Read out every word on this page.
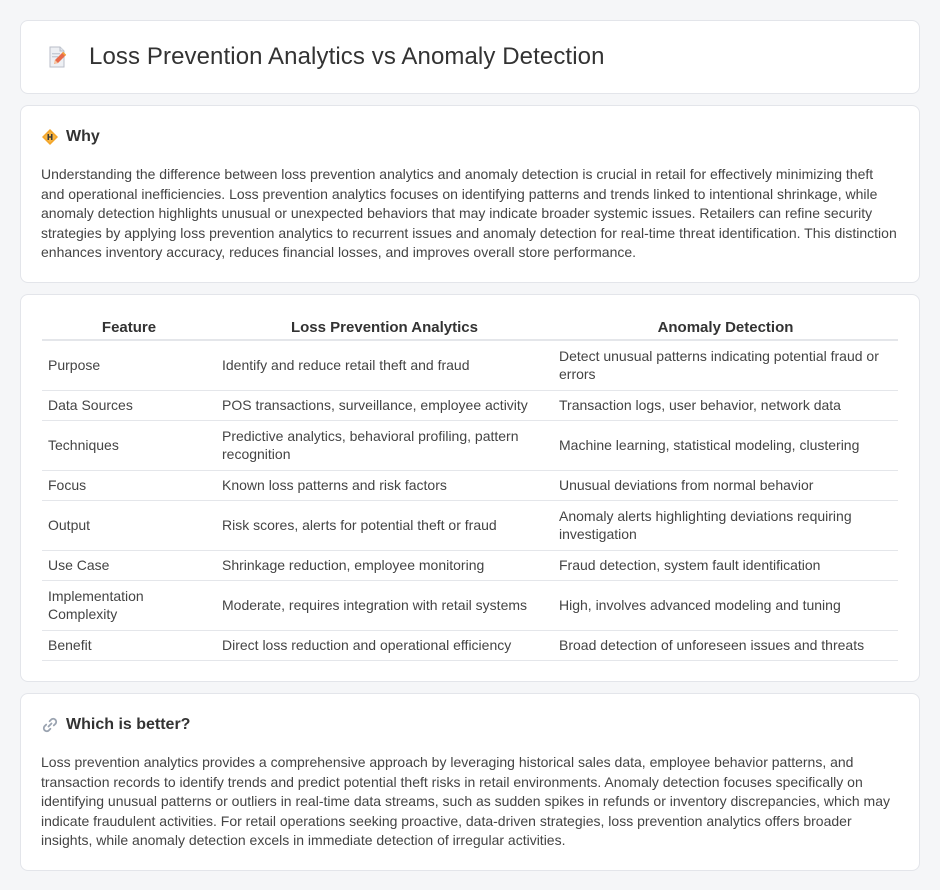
Loss Prevention Analytics vs Anomaly Detection
Why

Understanding the difference between loss prevention analytics and anomaly detection is crucial in retail for effectively minimizing theft and operational inefficiencies. Loss prevention analytics focuses on identifying patterns and trends linked to intentional shrinkage, while anomaly detection highlights unusual or unexpected behaviors that may indicate broader systemic issues. Retailers can refine security strategies by applying loss prevention analytics to recurrent issues and anomaly detection for real-time threat identification. This distinction enhances inventory accuracy, reduces financial losses, and improves overall store performance.

Feature	Loss Prevention Analytics	Anomaly Detection
Purpose	Identify and reduce retail theft and fraud	Detect unusual patterns indicating potential fraud or errors
Data Sources	POS transactions, surveillance, employee activity	Transaction logs, user behavior, network data
Techniques	Predictive analytics, behavioral profiling, pattern recognition	Machine learning, statistical modeling, clustering
Focus	Known loss patterns and risk factors	Unusual deviations from normal behavior
Output	Risk scores, alerts for potential theft or fraud	Anomaly alerts highlighting deviations requiring investigation
Use Case	Shrinkage reduction, employee monitoring	Fraud detection, system fault identification
Implementation Complexity	Moderate, requires integration with retail systems	High, involves advanced modeling and tuning
Benefit	Direct loss reduction and operational efficiency	Broad detection of unforeseen issues and threats
Which is better?

Loss prevention analytics provides a comprehensive approach by leveraging historical sales data, employee behavior patterns, and transaction records to identify trends and predict potential theft risks in retail environments. Anomaly detection focuses specifically on identifying unusual patterns or outliers in real-time data streams, such as sudden spikes in refunds or inventory discrepancies, which may indicate fraudulent activities. For retail operations seeking proactive, data-driven strategies, loss prevention analytics offers broader insights, while anomaly detection excels in immediate detection of irregular activities.
